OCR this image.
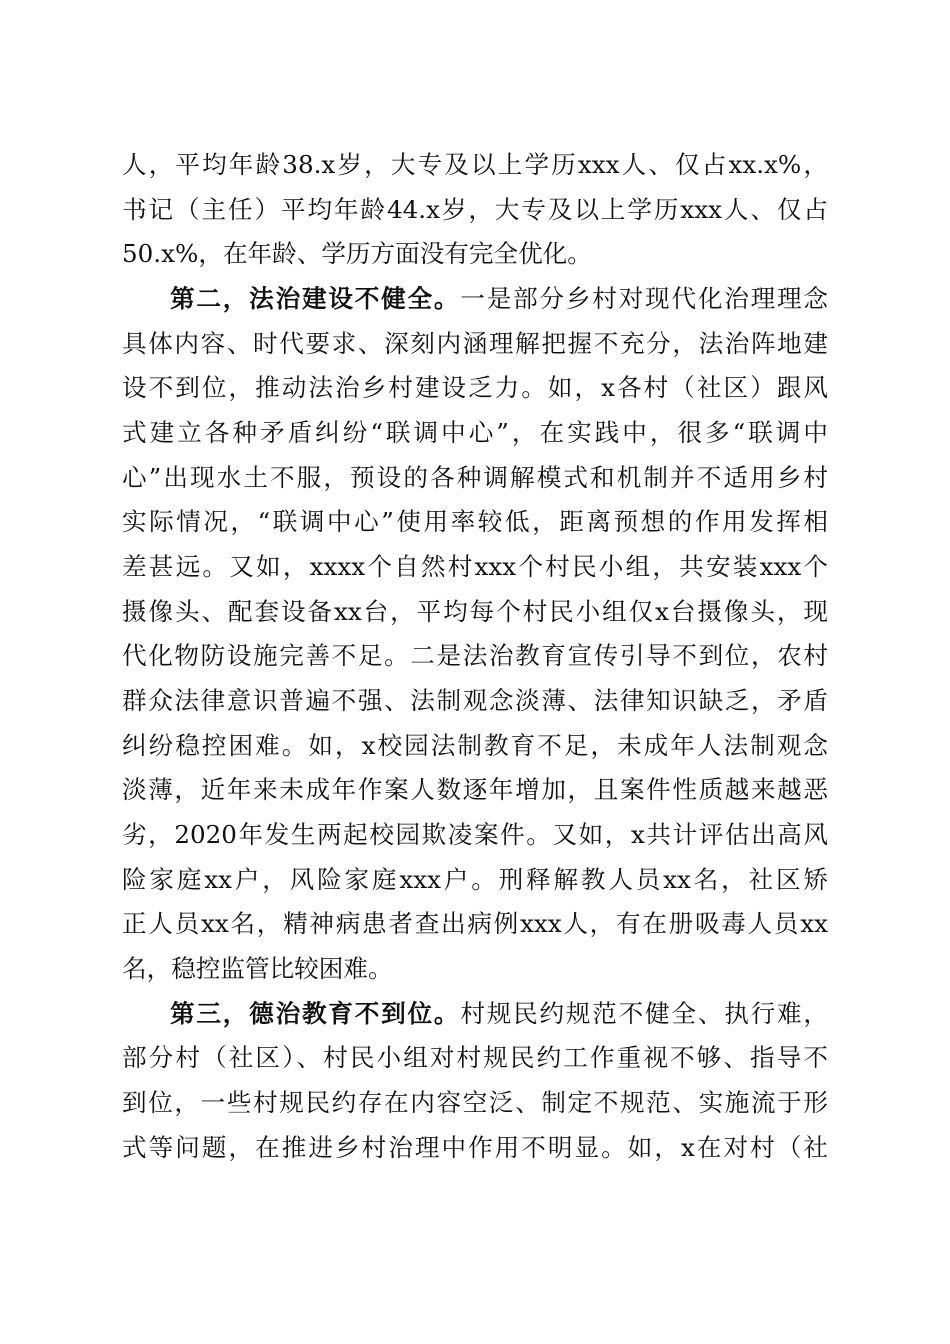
人，平均年龄38.x岁，大专及以上学历xxx人、仅占xx.x%，
书记（主任）平均年龄44.x岁，大专及以上学历xxx人、仅占
50.x%，在年龄、学历方面没有完全优化。
第二，法治建设不健全。一是部分乡村对现代化治理理念
具体内容、时代要求、深刻内涵理解把握不充分，法治阵地建
设不到位，推动法治乡村建设乏力。如，x各村（社区）跟风
式建立各种矛盾纠纷“联调中心”，在实践中，很多“联调中
心”出现水土不服，预设的各种调解模式和机制并不适用乡村
实际情况，“联调中心”使用率较低，距离预想的作用发挥相
差甚远。又如，xxxx个自然村xxx个村民小组，共安装xxx个
摄像头、配套设备xx台，平均每个村民小组仅x台摄像头，现
代化物防设施完善不足。二是法治教育宣传引导不到位，农村
群众法律意识普遍不强、法制观念淡薄、法律知识缺乏，矛盾
纠纷稳控困难。如，x校园法制教育不足，未成年人法制观念
淡薄，近年来未成年作案人数逐年增加，且案件性质越来越恶
劣，2020年发生两起校园欺凌案件。又如，x共计评估出高风
险家庭xx户，风险家庭xxx户。刑释解教人员xx名，社区矫
正人员xx名，精神病患者查出病例xxx人，有在册吸毒人员xx
名，稳控监管比较困难。
第三，德治教育不到位。村规民约规范不健全、执行难，
部分村（社区）、村民小组对村规民约工作重视不够、指导不
到位，一些村规民约存在内容空泛、制定不规范、实施流于形
式等问题，在推进乡村治理中作用不明显。如，x在对村（社
